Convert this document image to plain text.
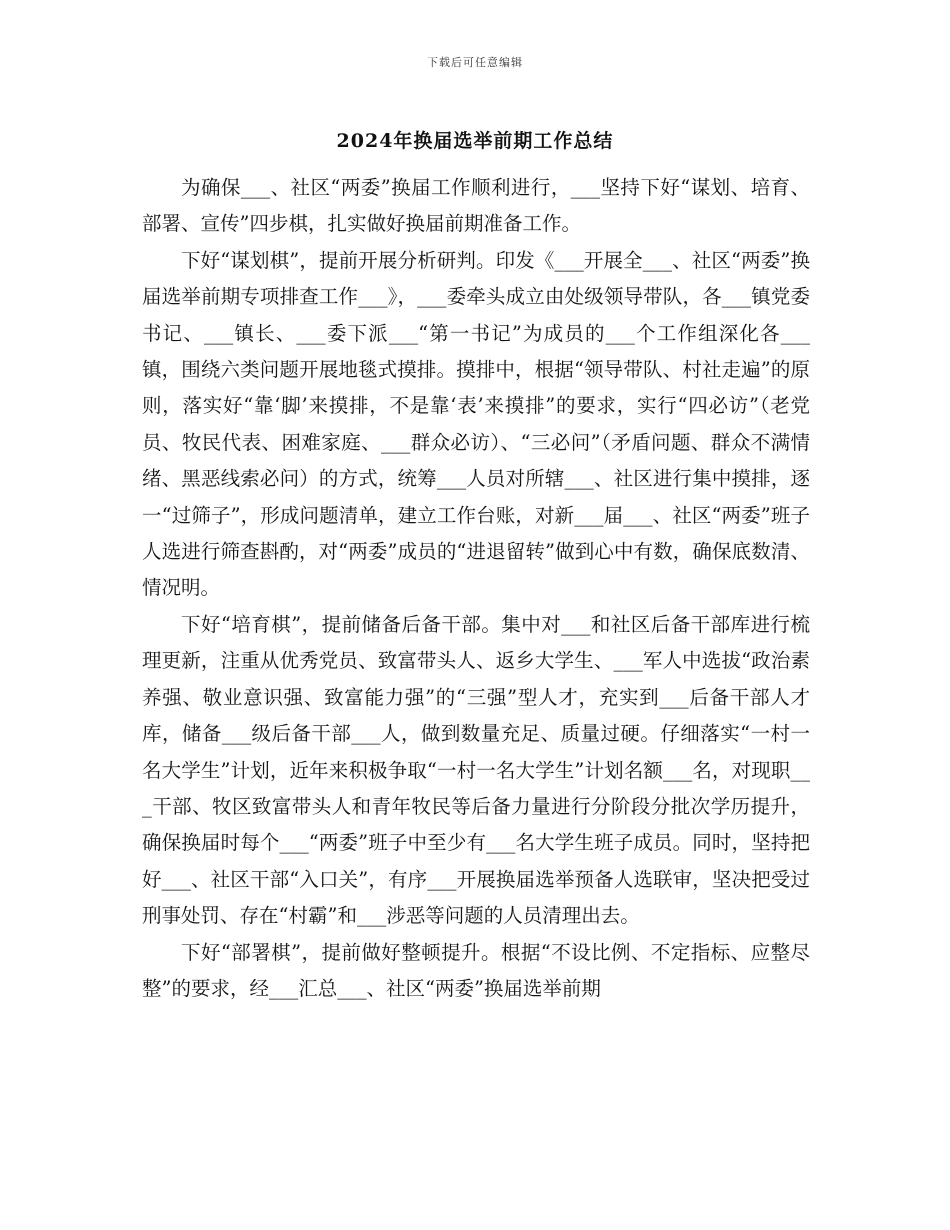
下载后可任意编辑
2024年换届选举前期工作总结

为确保___、社区“两委”换届工作顺利进行，___坚持下好“谋划、培育、部署、宣传”四步棋，扎实做好换届前期准备工作。

下好“谋划棋”，提前开展分析研判。印发《___开展全___、社区“两委”换届选举前期专项排查工作___》，___委牵头成立由处级领导带队，各___镇党委书记、___镇长、___委下派___“第一书记”为成员的___个工作组深化各___镇，围绕六类问题开展地毯式摸排。摸排中，根据“领导带队、村社走遍”的原则，落实好“靠‘脚’来摸排，不是靠‘表’来摸排”的要求，实行“四必访”（老党员、牧民代表、困难家庭、___群众必访）、“三必问”（矛盾问题、群众不满情绪、黑恶线索必问）的方式，统筹___人员对所辖___、社区进行集中摸排，逐一“过筛子”，形成问题清单，建立工作台账，对新___届___、社区“两委”班子人选进行筛查斟酌，对“两委”成员的“进退留转”做到心中有数，确保底数清、情况明。

下好“培育棋”，提前储备后备干部。集中对___和社区后备干部库进行梳理更新，注重从优秀党员、致富带头人、返乡大学生、___军人中选拔“政治素养强、敬业意识强、致富能力强”的“三强”型人才，充实到___后备干部人才库，储备___级后备干部___人，做到数量充足、质量过硬。仔细落实“一村一名大学生”计划，近年来积极争取“一村一名大学生”计划名额___名，对现职___干部、牧区致富带头人和青年牧民等后备力量进行分阶段分批次学历提升，确保换届时每个___“两委”班子中至少有___名大学生班子成员。同时，坚持把好___、社区干部“入口关”，有序___开展换届选举预备人选联审，坚决把受过刑事处罚、存在“村霸”和___涉恶等问题的人员清理出去。

下好“部署棋”，提前做好整顿提升。根据“不设比例、不定指标、应整尽整”的要求，经___汇总___、社区“两委”换届选举前期
